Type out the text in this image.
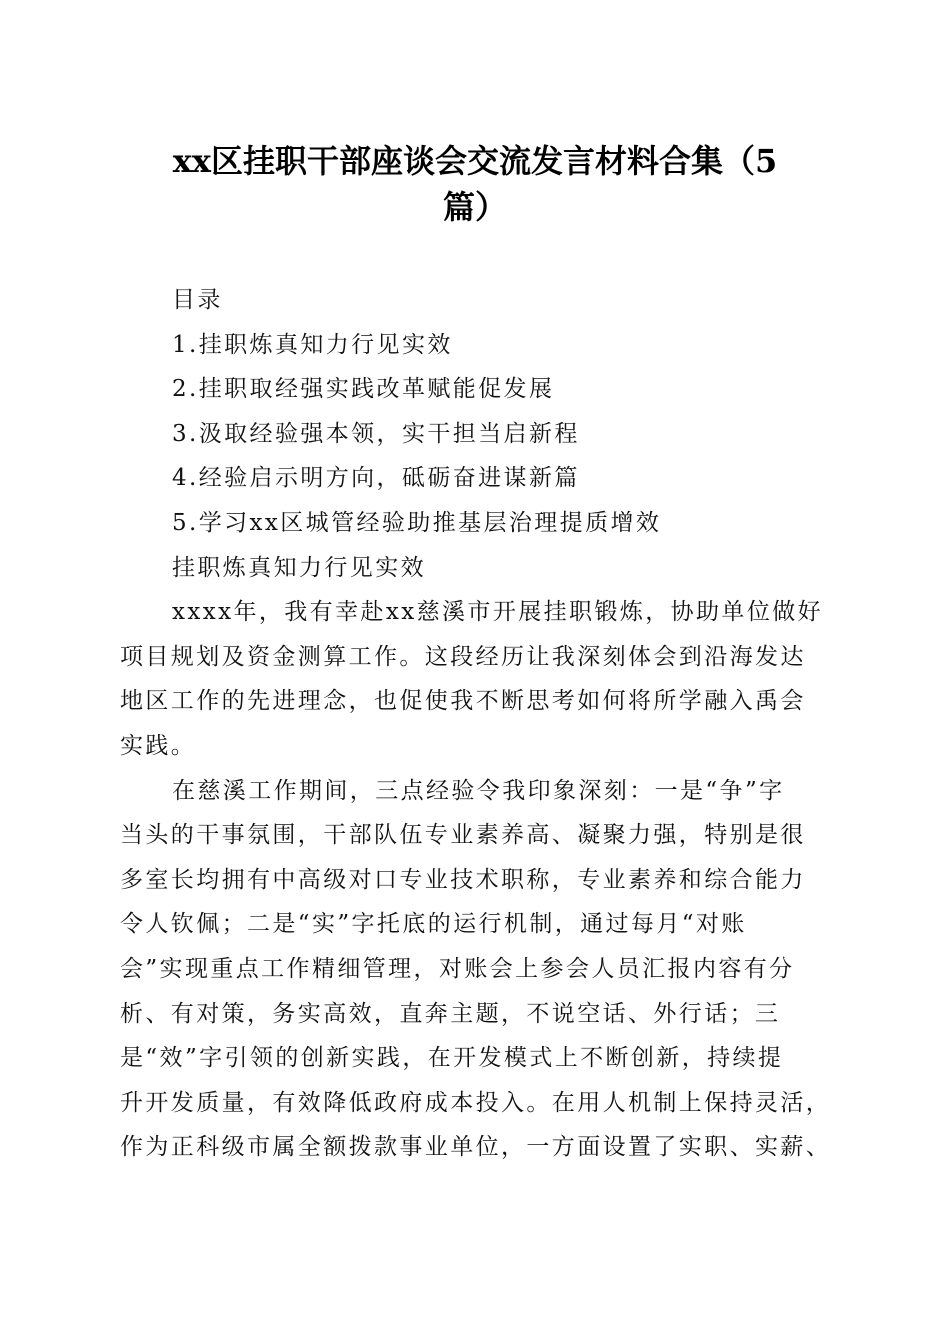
xx区挂职干部座谈会交流发言材料合集（5
篇）

目录

1.挂职炼真知力行见实效

2.挂职取经强实践改革赋能促发展

3.汲取经验强本领，实干担当启新程

4.经验启示明方向，砥砺奋进谋新篇

5.学习xx区城管经验助推基层治理提质增效

挂职炼真知力行见实效

xxxx年，我有幸赴xx慈溪市开展挂职锻炼，协助单位做好
项目规划及资金测算工作。这段经历让我深刻体会到沿海发达
地区工作的先进理念，也促使我不断思考如何将所学融入禹会
实践。
在慈溪工作期间，三点经验令我印象深刻：一是“争”字
当头的干事氛围，干部队伍专业素养高、凝聚力强，特别是很
多室长均拥有中高级对口专业技术职称，专业素养和综合能力
令人钦佩；二是“实”字托底的运行机制，通过每月“对账
会”实现重点工作精细管理，对账会上参会人员汇报内容有分
析、有对策，务实高效，直奔主题，不说空话、外行话；三
是“效”字引领的创新实践，在开发模式上不断创新，持续提
升开发质量，有效降低政府成本投入。在用人机制上保持灵活，
作为正科级市属全额拨款事业单位，一方面设置了实职、实薪、
